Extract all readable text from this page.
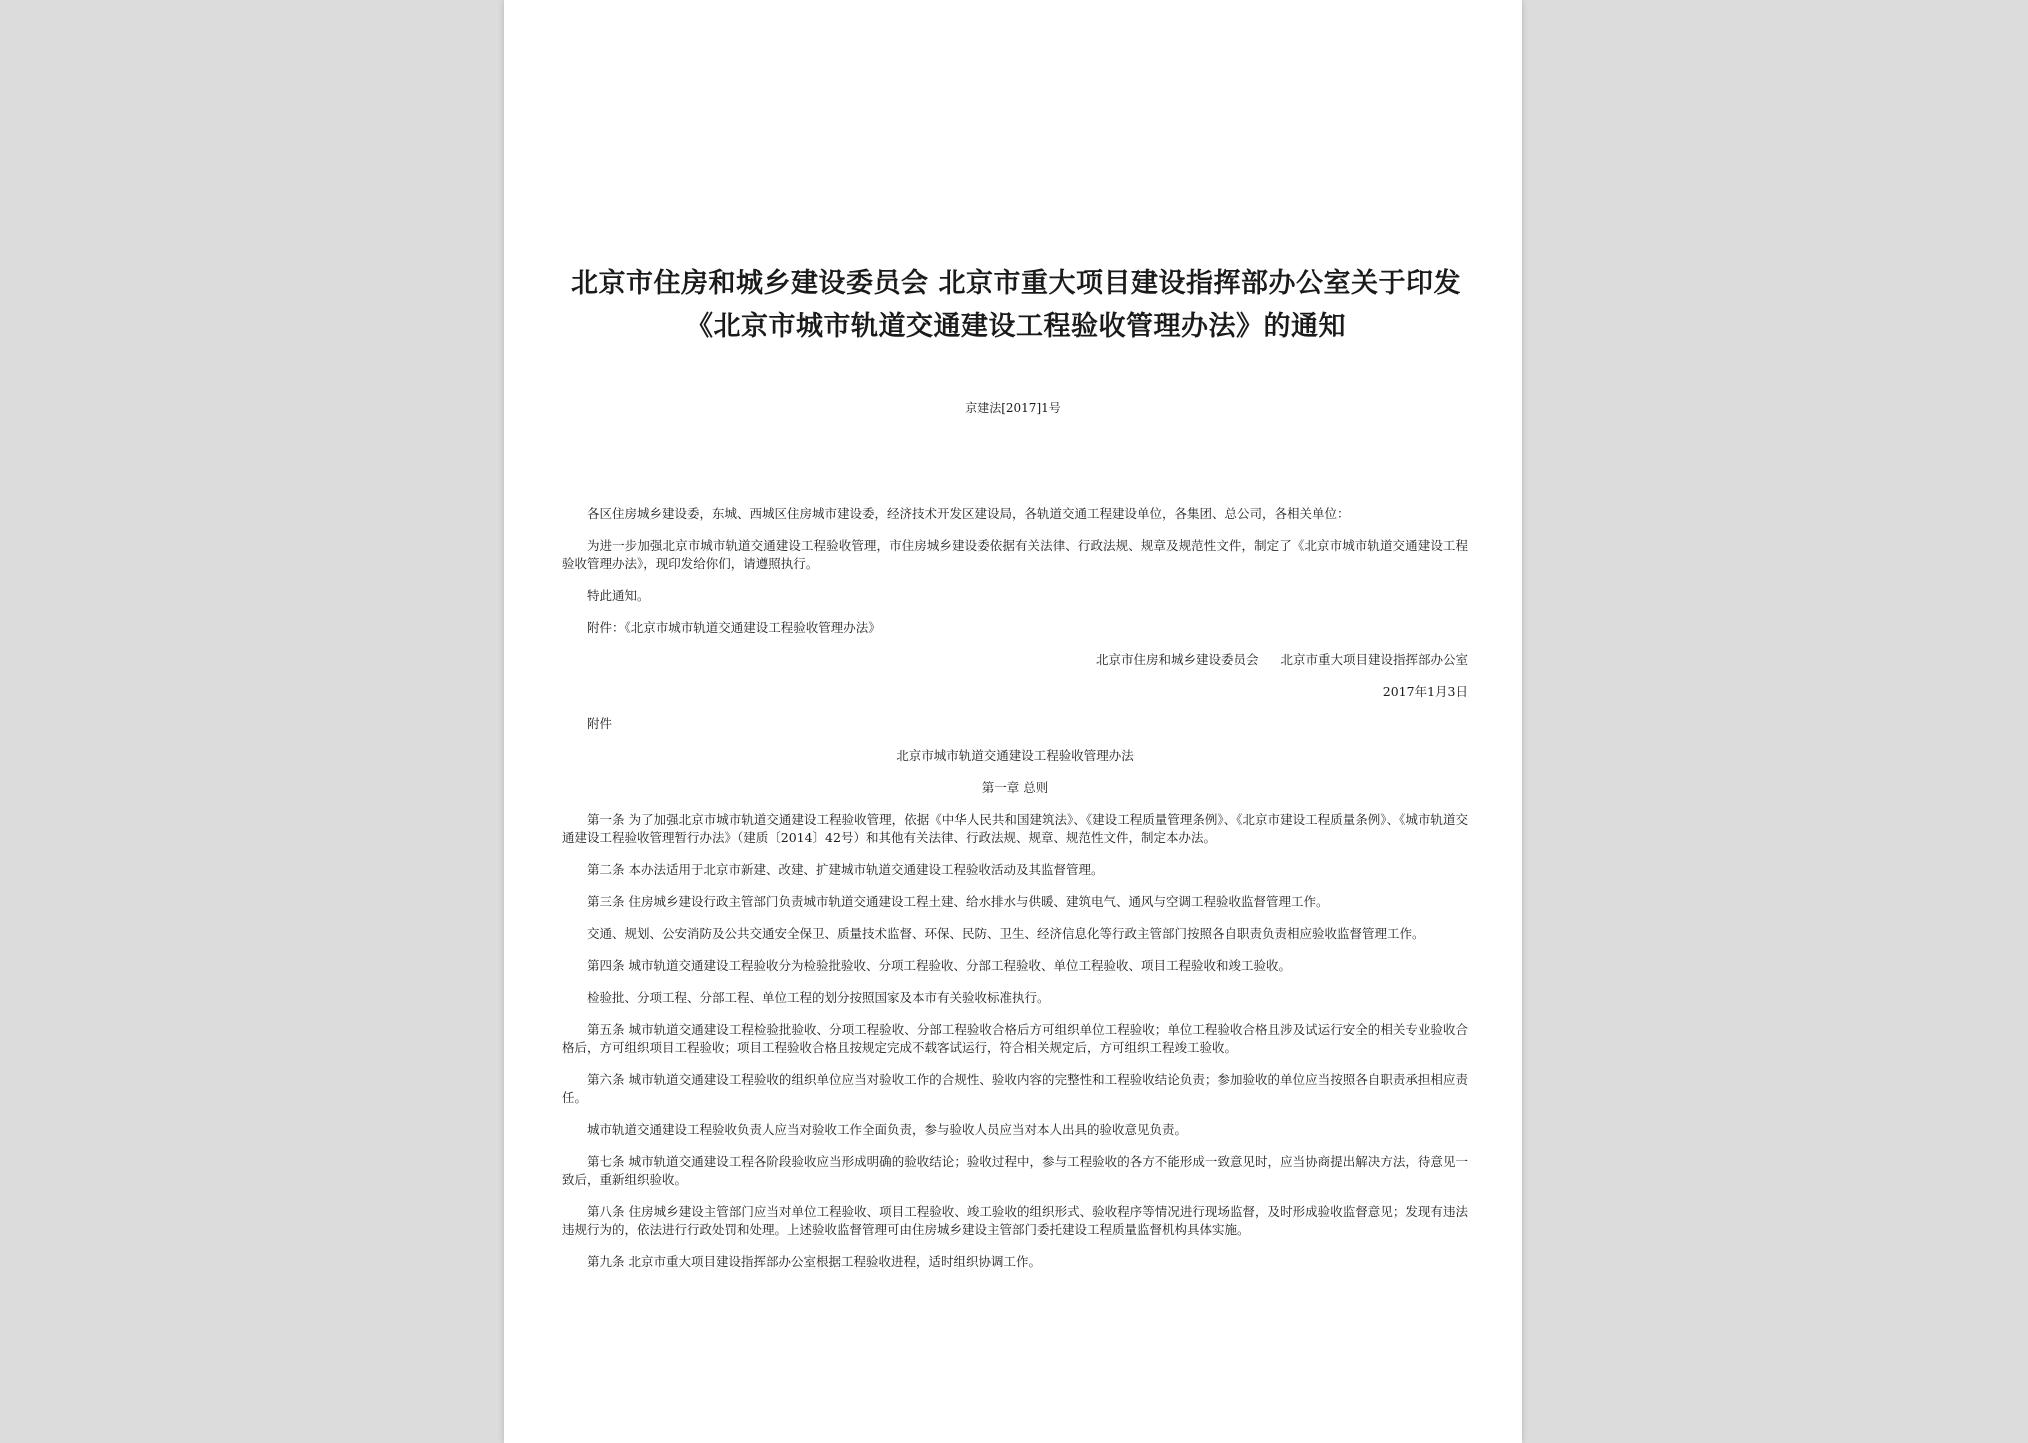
北京市住房和城乡建设委员会 北京市重大项目建设指挥部办公室关于印发《北京市城市轨道交通建设工程验收管理办法》的通知
京建法[2017]1号

各区住房城乡建设委，东城、西城区住房城市建设委，经济技术开发区建设局，各轨道交通工程建设单位，各集团、总公司，各相关单位：

为进一步加强北京市城市轨道交通建设工程验收管理，市住房城乡建设委依据有关法律、行政法规、规章及规范性文件，制定了《北京市城市轨道交通建设工程验收管理办法》，现印发给你们，请遵照执行。

特此通知。

附件：《北京市城市轨道交通建设工程验收管理办法》

北京市住房和城乡建设委员会 北京市重大项目建设指挥部办公室

2017年1月3日

附件

北京市城市轨道交通建设工程验收管理办法

第一章 总则

第一条 为了加强北京市城市轨道交通建设工程验收管理，依据《中华人民共和国建筑法》、《建设工程质量管理条例》、《北京市建设工程质量条例》、《城市轨道交通建设工程验收管理暂行办法》（建质〔2014〕42号）和其他有关法律、行政法规、规章、规范性文件，制定本办法。

第二条 本办法适用于北京市新建、改建、扩建城市轨道交通建设工程验收活动及其监督管理。

第三条 住房城乡建设行政主管部门负责城市轨道交通建设工程土建、给水排水与供暖、建筑电气、通风与空调工程验收监督管理工作。

交通、规划、公安消防及公共交通安全保卫、质量技术监督、环保、民防、卫生、经济信息化等行政主管部门按照各自职责负责相应验收监督管理工作。

第四条 城市轨道交通建设工程验收分为检验批验收、分项工程验收、分部工程验收、单位工程验收、项目工程验收和竣工验收。

检验批、分项工程、分部工程、单位工程的划分按照国家及本市有关验收标准执行。

第五条 城市轨道交通建设工程检验批验收、分项工程验收、分部工程验收合格后方可组织单位工程验收；单位工程验收合格且涉及试运行安全的相关专业验收合格后，方可组织项目工程验收；项目工程验收合格且按规定完成不载客试运行，符合相关规定后，方可组织工程竣工验收。

第六条 城市轨道交通建设工程验收的组织单位应当对验收工作的合规性、验收内容的完整性和工程验收结论负责；参加验收的单位应当按照各自职责承担相应责任。

城市轨道交通建设工程验收负责人应当对验收工作全面负责，参与验收人员应当对本人出具的验收意见负责。

第七条 城市轨道交通建设工程各阶段验收应当形成明确的验收结论；验收过程中，参与工程验收的各方不能形成一致意见时，应当协商提出解决方法，待意见一致后，重新组织验收。

第八条 住房城乡建设主管部门应当对单位工程验收、项目工程验收、竣工验收的组织形式、验收程序等情况进行现场监督，及时形成验收监督意见；发现有违法违规行为的，依法进行行政处罚和处理。上述验收监督管理可由住房城乡建设主管部门委托建设工程质量监督机构具体实施。

第九条 北京市重大项目建设指挥部办公室根据工程验收进程，适时组织协调工作。
